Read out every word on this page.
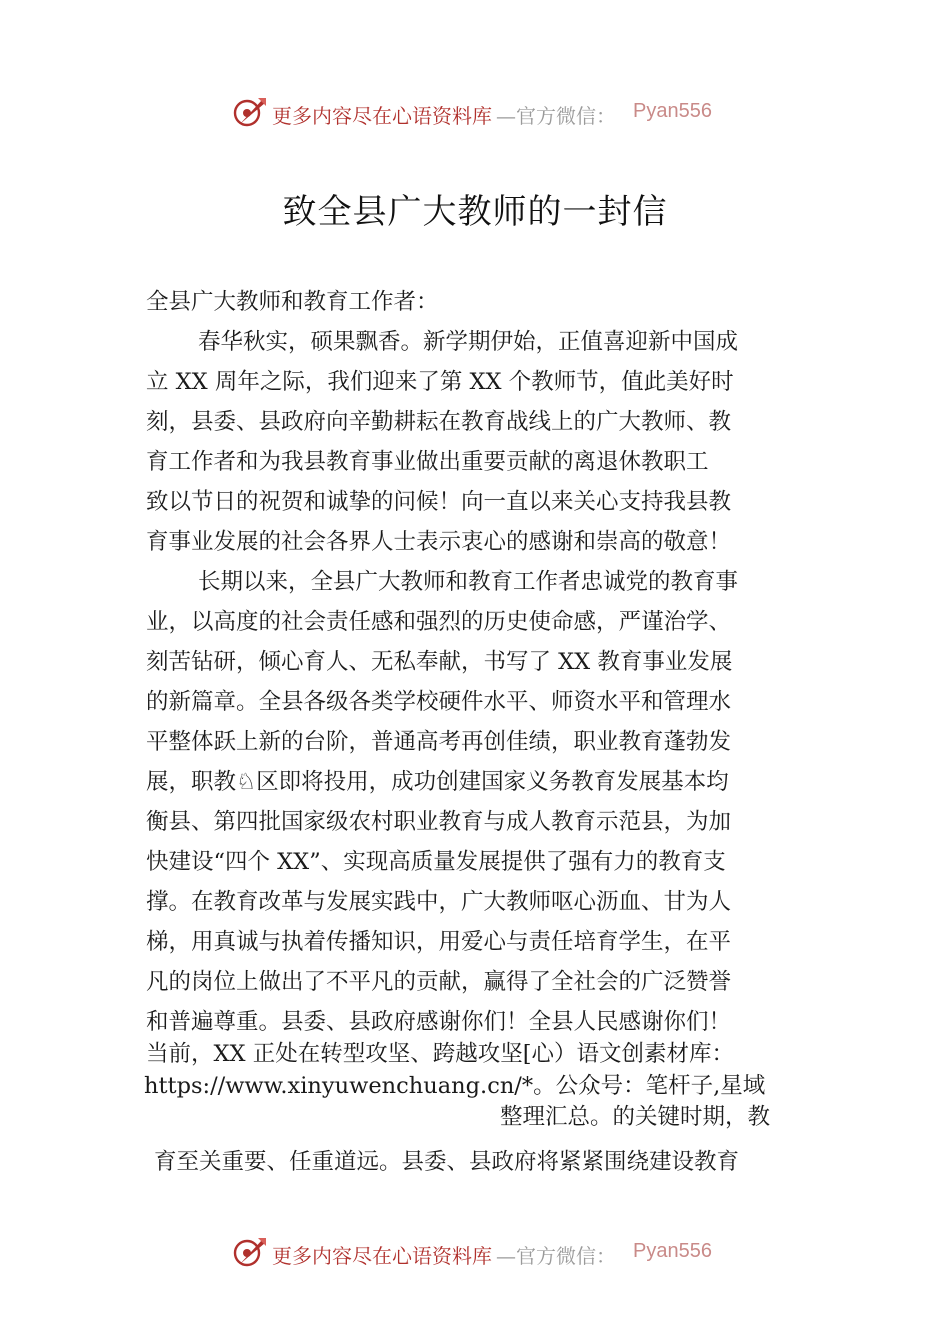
更多内容尽在心语资料库 —官方微信： Pyan556
致全县广大教师的一封信
全县广大教师和教育工作者：
春华秋实，硕果飘香。新学期伊始，正值喜迎新中国成
立 XX 周年之际，我们迎来了第 XX 个教师节，值此美好时
刻，县委、县政府向辛勤耕耘在教育战线上的广大教师、教
育工作者和为我县教育事业做出重要贡献的离退休教职工
致以节日的祝贺和诚挚的问候！向一直以来关心支持我县教
育事业发展的社会各界人士表示衷心的感谢和崇高的敬意！
长期以来，全县广大教师和教育工作者忠诚党的教育事
业，以高度的社会责任感和强烈的历史使命感，严谨治学、
刻苦钻研，倾心育人、无私奉献，书写了 XX 教育事业发展
的新篇章。全县各级各类学校硬件水平、师资水平和管理水
平整体跃上新的台阶，普通高考再创佳绩，职业教育蓬勃发
展，职教♘区即将投用，成功创建国家义务教育发展基本均
衡县、第四批国家级农村职业教育与成人教育示范县，为加
快建设“四个 XX”、实现高质量发展提供了强有力的教育支
撑。在教育改革与发展实践中，广大教师呕心沥血、甘为人
梯，用真诚与执着传播知识，用爱心与责任培育学生，在平
凡的岗位上做出了不平凡的贡献，赢得了全社会的广泛赞誉
和普遍尊重。县委、县政府感谢你们！全县人民感谢你们！
当前，XX 正处在转型攻坚、跨越攻坚[心）语文创素材库：
https://www.xinyuwenchuang.cn/*。公众号：笔杆子,星域
整理汇总。的关键时期，教
育至关重要、任重道远。县委、县政府将紧紧围绕建设教育
更多内容尽在心语资料库 —官方微信： Pyan556
